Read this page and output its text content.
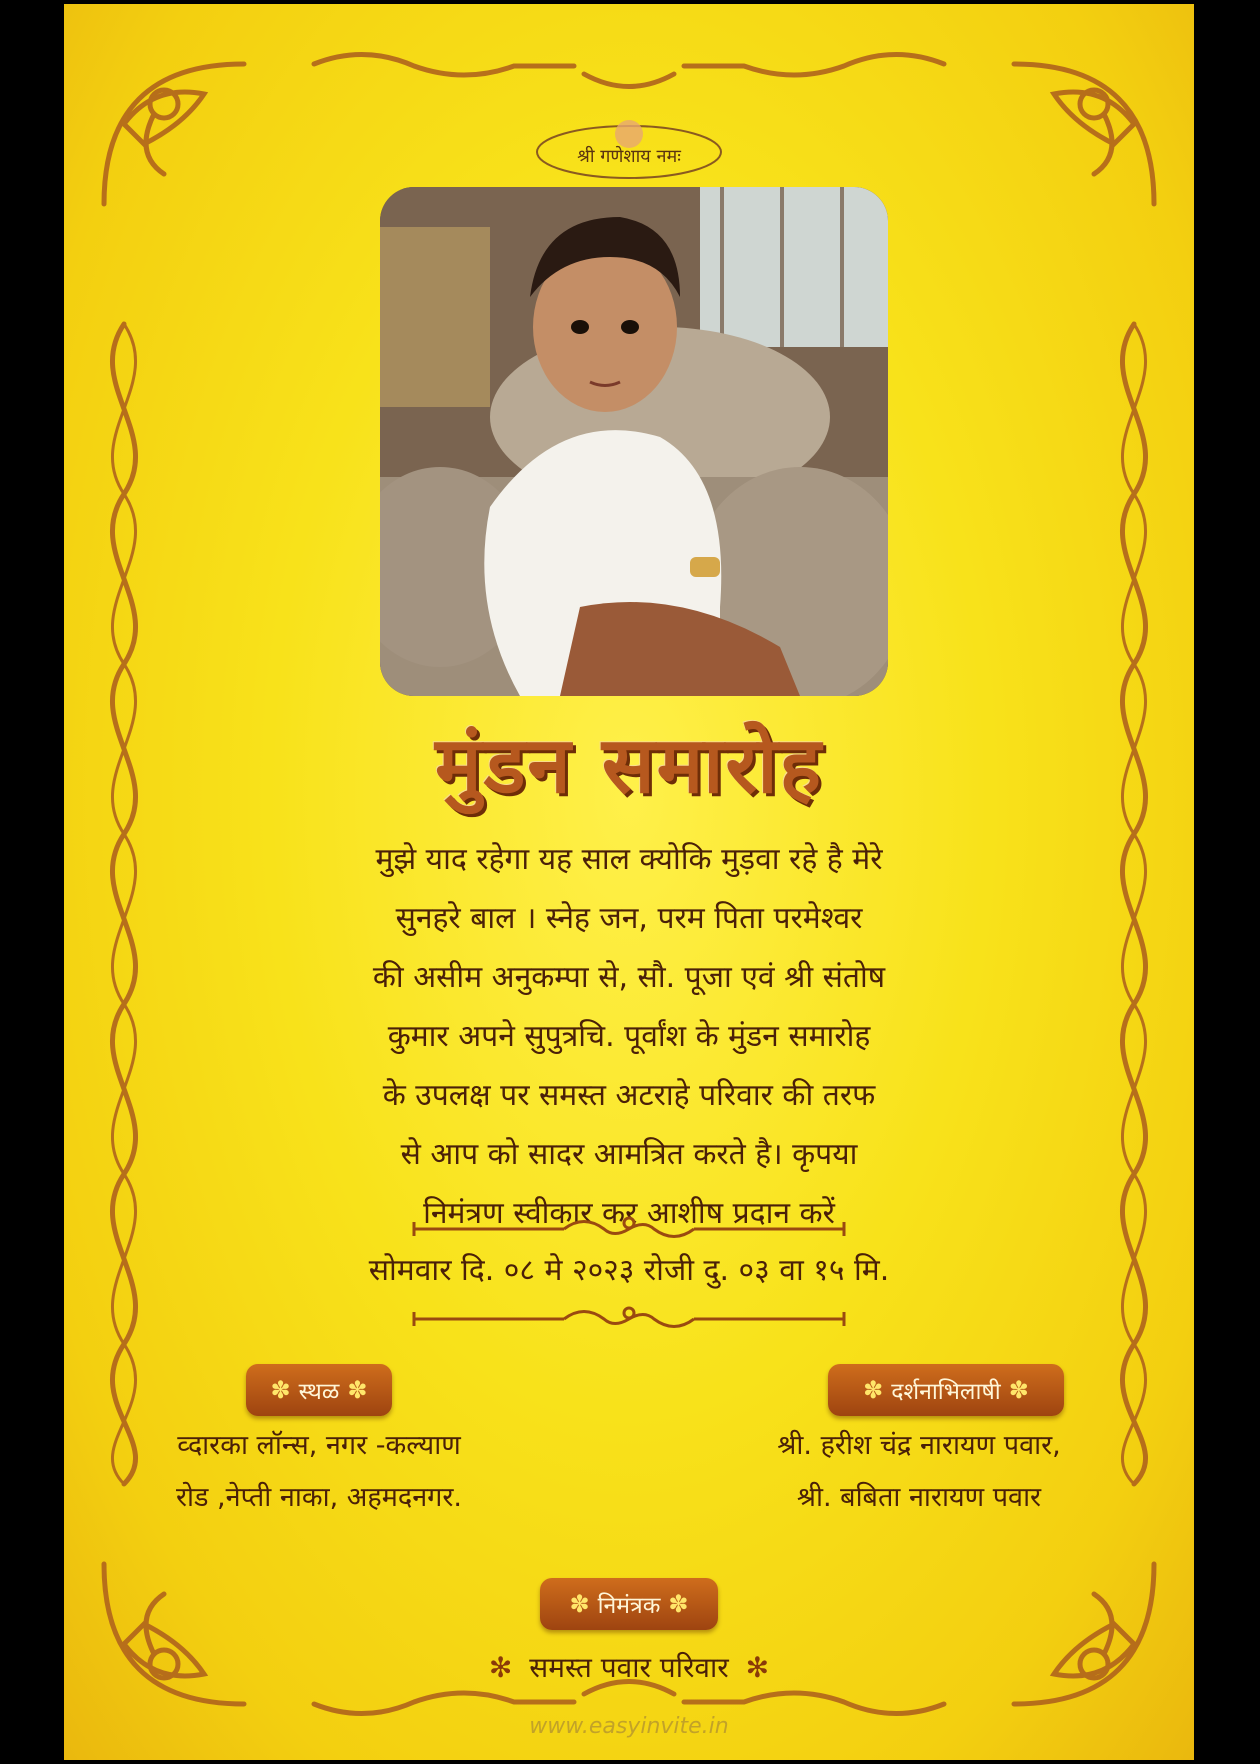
श्री गणेशाय नमः
मुंडन समारोह
मुझे याद रहेगा यह साल क्योकि मुड़वा रहे है मेरे
सुनहरे बाल । स्नेह जन, परम पिता परमेश्वर
की असीम अनुकम्पा से, सौ. पूजा एवं श्री संतोष
कुमार अपने सुपुत्रचि. पूर्वांश के मुंडन समारोह
के उपलक्ष पर समस्त अटराहे परिवार की तरफ
से आप को सादर आमत्रित करते है। कृपया
निमंत्रण स्वीकार कर आशीष प्रदान करें
सोमवार दि. ०८ मे २०२३ रोजी दु. ०३ वा १५ मि.
✽ स्थळ ✽
व्दारका लॉन्स, नगर -कल्याण
रोड ,नेप्ती नाका, अहमदनगर.
✽ दर्शनाभिलाषी ✽
श्री. हरीश चंद्र नारायण पवार,
श्री. बबिता नारायण पवार
✽ निमंत्रक ✽
✻ समस्त पवार परिवार ✻
www.easyinvite.in
